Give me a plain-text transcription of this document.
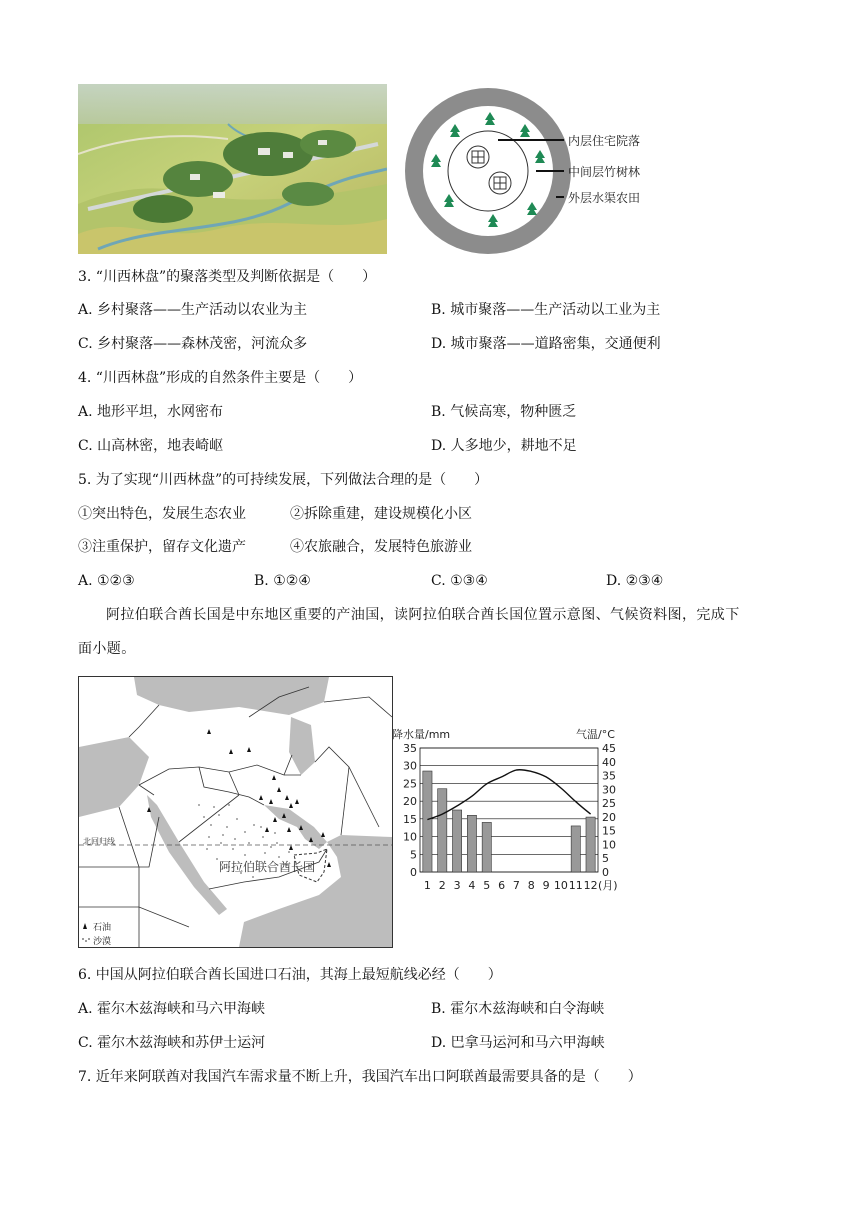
内层住宅院落
中间层竹树林
外层水渠农田
3. “川西林盘”的聚落类型及判断依据是（　　）
A. 乡村聚落——生产活动以农业为主	B. 城市聚落——生产活动以工业为主
C. 乡村聚落——森林茂密，河流众多	D. 城市聚落——道路密集，交通便利
4. “川西林盘”形成的自然条件主要是（　　）
A. 地形平坦，水网密布	B. 气候高寒，物种匮乏
C. 山高林密，地表崎岖	D. 人多地少，耕地不足
5. 为了实现“川西林盘”的可持续发展，下列做法合理的是（　　）
①突出特色，发展生态农业	②拆除重建，建设规模化小区
③注重保护，留存文化遗产	④农旅融合，发展特色旅游业
A. ①②③	B. ①②④	C. ①③④	D. ②③④
阿拉伯联合酋长国是中东地区重要的产油国，读阿拉伯联合酋长国位置示意图、气候资料图，完成下
面小题。
北回归线
阿拉伯联合酋长国
石油
沙漠
降水量/mm	气温/°C
0
5
10
15
20
25
30
35
0
5
10
15
20
25
30
35
40
45
1 2 3 4 5 6 7 8 9 10 11 12 (月)
6. 中国从阿拉伯联合酋长国进口石油，其海上最短航线必经（　　）
A. 霍尔木兹海峡和马六甲海峡	B. 霍尔木兹海峡和白令海峡
C. 霍尔木兹海峡和苏伊士运河	D. 巴拿马运河和马六甲海峡
7. 近年来阿联酋对我国汽车需求量不断上升，我国汽车出口阿联酋最需要具备的是（　　）
